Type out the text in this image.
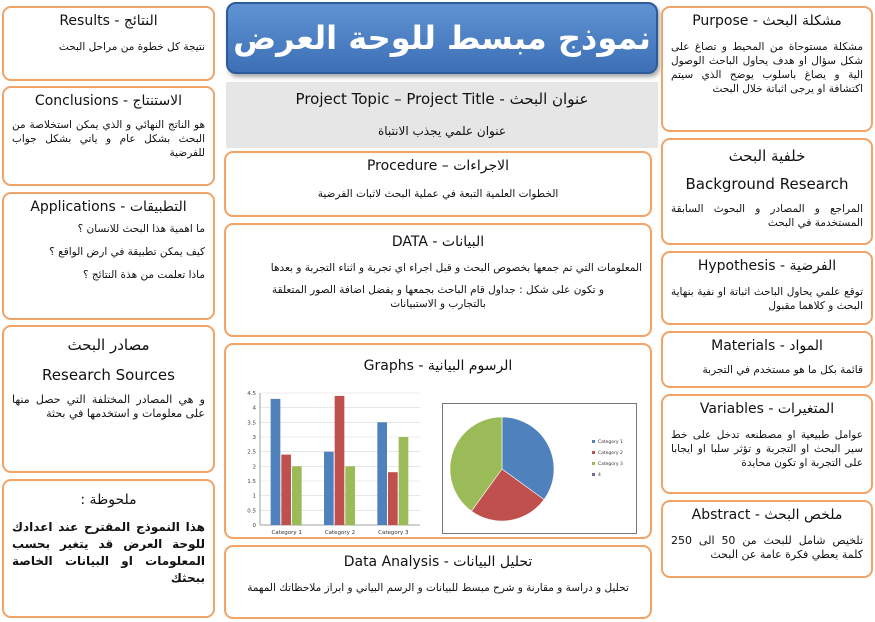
Results - النتائج
نتيجة كل خطوة من مراحل البحث
Conclusions - الاستنتاج
هو الناتج النهائي و الذي يمكن استخلاصة من البحث بشكل عام و ياتي بشكل جواب للفرضية
Applications - التطبيقات
ما اهمية هذا البحث للانسان ؟
كيف يمكن تطبيقة في ارض الواقع ؟
ماذا تعلمت من هذة النتائج ؟
مصادر البحث
Research Sources
و هي المصادر المختلفة التي حصل منها على معلومات و استخدمها في بحثة
ملحوظة :
هذا النموذج المقترح عند اعدادك للوحة العرض قد يتغير بحسب المعلومات او البيانات الخاصة ببحثك
نموذج مبسط للوحة العرض
Project Topic – Project Title - عنوان البحث
عنوان علمي يجذب الانتباة
Procedure – الاجراءات
الخطوات العلمية التبعة في عملية البحث لاثبات الفرضية
DATA - البيانات
المعلومات التي تم جمعها بخصوص البحث و قبل اجراء اي تجربة و اثناء التجربة و بعدها
و تكون على شكل : جداول قام الباحث بجمعها و يفضل اضافة الصور المتعلقة بالتجارب و الاستبيانات
Graphs - الرسوم البيانية
0
0.5
1
1.5
2
2.5
3
3.5
4
4.5
Category 1	Category 2	Category 3
Category 1
Category 2
Category 3
4
Data Analysis - تحليل البيانات
تحليل و دراسة و مقارنة و شرح مبسط للبيانات و الرسم البياني و ابراز ملاحظاتك المهمة
Purpose - مشكلة البحث
مشكلة مستوحاة من المحيط و تصاغ على شكل سؤال او هدف يحاول الباحث الوصول الية و يصاغ باسلوب يوضح الذي سيتم اكتشافة او يرجى اثباتة خلال البحث
خلفية البحث
Background Research
المراجع و المصادر و البحوث السابقة المستخدمة في البحث
Hypothesis - الفرضية
توقع علمي يحاول الباحث اثباتة او نفية بنهاية البحث و كلاهما مقبول
Materials - المواد
قائمة بكل ما هو مستخدم في التجربة
Variables - المتغيرات
عوامل طبيعية او مصطنعه تدخل على خط سير البحث او التجربة و تؤثر سلبا او ايجابا على التجربة او تكون محايدة
Abstract - ملخص البحث
تلخيص شامل للبحث من 50 الى 250 كلمة يعطي فكرة عامة عن البحث
